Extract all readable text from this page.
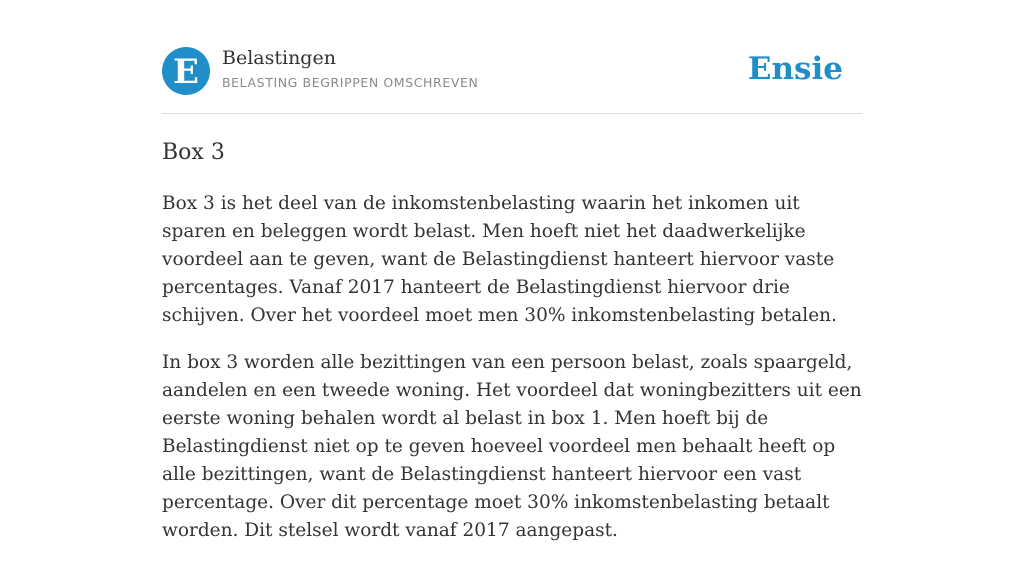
E Belastingen
BELASTING BEGRIPPEN OMSCHREVEN	Ensie
Box 3

Box 3 is het deel van de inkomstenbelasting waarin het inkomen uit sparen en beleggen wordt belast. Men hoeft niet het daadwerkelijke voordeel aan te geven, want de Belastingdienst hanteert hiervoor vaste percentages. Vanaf 2017 hanteert de Belastingdienst hiervoor drie schijven. Over het voordeel moet men 30% inkomstenbelasting betalen.

In box 3 worden alle bezittingen van een persoon belast, zoals spaargeld, aandelen en een tweede woning. Het voordeel dat woningbezitters uit een eerste woning behalen wordt al belast in box 1. Men hoeft bij de Belastingdienst niet op te geven hoeveel voordeel men behaalt heeft op alle bezittingen, want de Belastingdienst hanteert hiervoor een vast percentage. Over dit percentage moet 30% inkomstenbelasting betaalt worden. Dit stelsel wordt vanaf 2017 aangepast.
